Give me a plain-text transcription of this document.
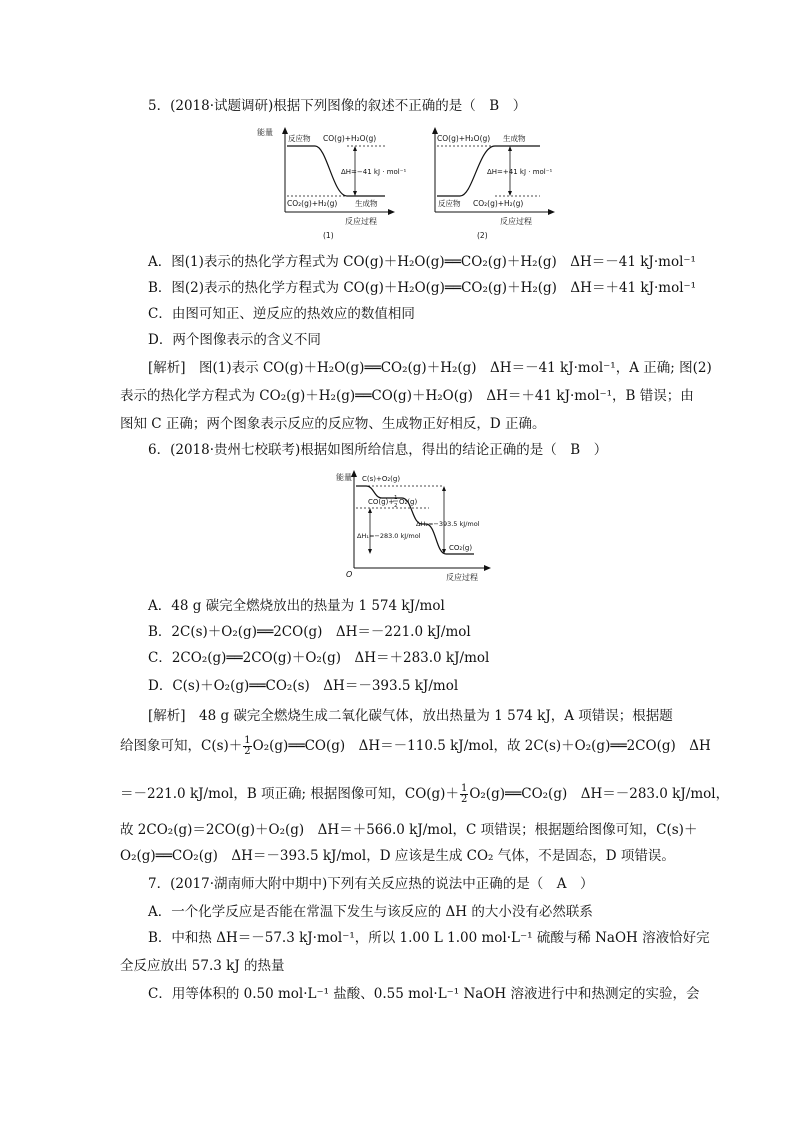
5．(2018·试题调研)根据下列图像的叙述不正确的是（　B　）
能量
反应物 CO(g)+H₂O(g)
ΔH=−41 kJ · mol⁻¹
CO₂(g)+H₂(g) 生成物
反应过程
(1)
CO(g)+H₂O(g) 生成物
ΔH=+41 kJ · mol⁻¹
反应物 CO₂(g)+H₂(g)
反应过程
(2)
A．图(1)表示的热化学方程式为 CO(g)＋H₂O(g)══CO₂(g)＋H₂(g)　ΔH＝－41 kJ·mol⁻¹
B．图(2)表示的热化学方程式为 CO(g)＋H₂O(g)══CO₂(g)＋H₂(g)　ΔH＝＋41 kJ·mol⁻¹
C．由图可知正、逆反应的热效应的数值相同
D．两个图像表示的含义不同
[解析]　图(1)表示 CO(g)＋H₂O(g)══CO₂(g)＋H₂(g)　ΔH＝－41 kJ·mol⁻¹，A 正确; 图(2)
表示的热化学方程式为 CO₂(g)＋H₂(g)══CO(g)＋H₂O(g)　ΔH＝＋41 kJ·mol⁻¹，B 错误；由
图知 C 正确；两个图象表示反应的反应物、生成物正好相反，D 正确。
6．(2018·贵州七校联考)根据如图所给信息，得出的结论正确的是（　B　）
能量 C(s)+O₂(g)
CO(g)+ 1
2 O₂(g)
ΔH₂=−393.5 kJ/mol
ΔH₁=−283.0 kJ/mol
CO₂(g)
O	反应过程
A．48 g 碳完全燃烧放出的热量为 1 574 kJ/mol
B．2C(s)＋O₂(g)══2CO(g)　ΔH＝－221.0 kJ/mol
C．2CO₂(g)══2CO(g)＋O₂(g)　ΔH＝＋283.0 kJ/mol
D．C(s)＋O₂(g)══CO₂(s)　ΔH＝－393.5 kJ/mol
[解析]　48 g 碳完全燃烧生成二氧化碳气体，放出热量为 1 574 kJ，A 项错误；根据题
给图象可知，$C(s)+ \frac{1}{2}$ O₂(g)══CO(g)　ΔH＝－110.5 kJ/mol，故 2C(s)＋O₂(g)══2CO(g)　ΔH
＝－221.0 kJ/mol，B 项正确; 根据图像可知，$CO(g)+ \frac{1}{2}$ O₂(g)══CO₂(g)　ΔH＝－283.0 kJ/mol，
故 2CO₂(g)＝2CO(g)＋O₂(g)　ΔH＝＋566.0 kJ/mol，C 项错误；根据题给图像可知，C(s)＋
O₂(g)══CO₂(g)　ΔH＝－393.5 kJ/mol，D 应该是生成 CO₂ 气体，不是固态，D 项错误。
7．(2017·湖南师大附中期中)下列有关反应热的说法中正确的是（　A　）
A．一个化学反应是否能在常温下发生与该反应的 ΔH 的大小没有必然联系
B．中和热 ΔH＝－57.3 kJ·mol⁻¹，所以 1.00 L 1.00 mol·L⁻¹ 硫酸与稀 NaOH 溶液恰好完
全反应放出 57.3 kJ 的热量
C．用等体积的 0.50 mol·L⁻¹ 盐酸、0.55 mol·L⁻¹ NaOH 溶液进行中和热测定的实验，会
